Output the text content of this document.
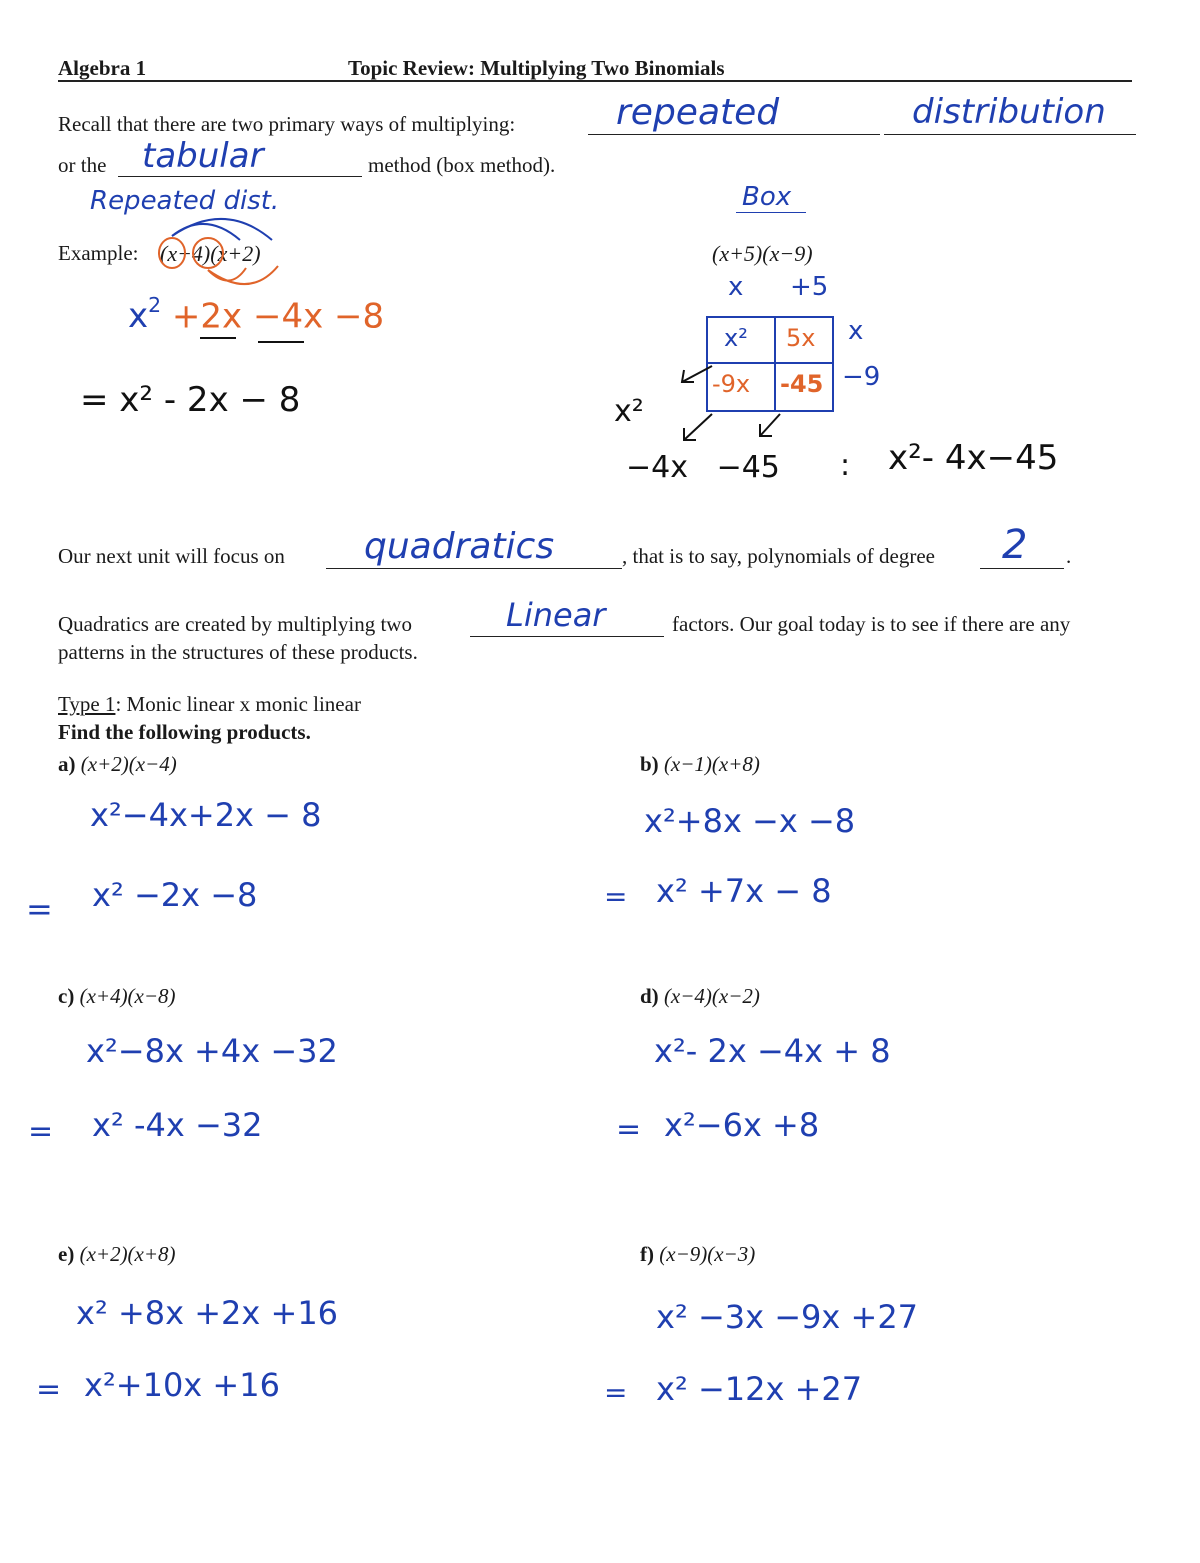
Algebra 1	Topic Review: Multiplying Two Binomials
Recall that there are two primary ways of multiplying:	repeated	distribution
or the tabular	method (box method).
Repeated dist.
Example: (x−4)(x+2)
$x^2 +2x -4x -8$
= x² - 2x − 8
Box
(x+5)(x−9)
x +5
x² 5x
-9x -45
x
−9
x²
−4x   −45 : x²- 4x−45
Our next unit will focus on quadratics	, that is to say, polynomials of degree 2 .
Quadratics are created by multiplying two	Linear	factors. Our goal today is to see if there are any
patterns in the structures of these products.
Type 1: Monic linear x monic linear
Find the following products.
a) (x+2)(x−4)
x²−4x+2x − 8
= x² −2x −8
b) (x−1)(x+8)
x²+8x −x −8
= x² +7x − 8
c) (x+4)(x−8)
x²−8x +4x −32
= x² -4x −32
d) (x−4)(x−2)
x²- 2x −4x + 8
= x²−6x +8
e) (x+2)(x+8)
x² +8x +2x +16
= x²+10x +16
f) (x−9)(x−3)
x² −3x −9x +27
= x² −12x +27
